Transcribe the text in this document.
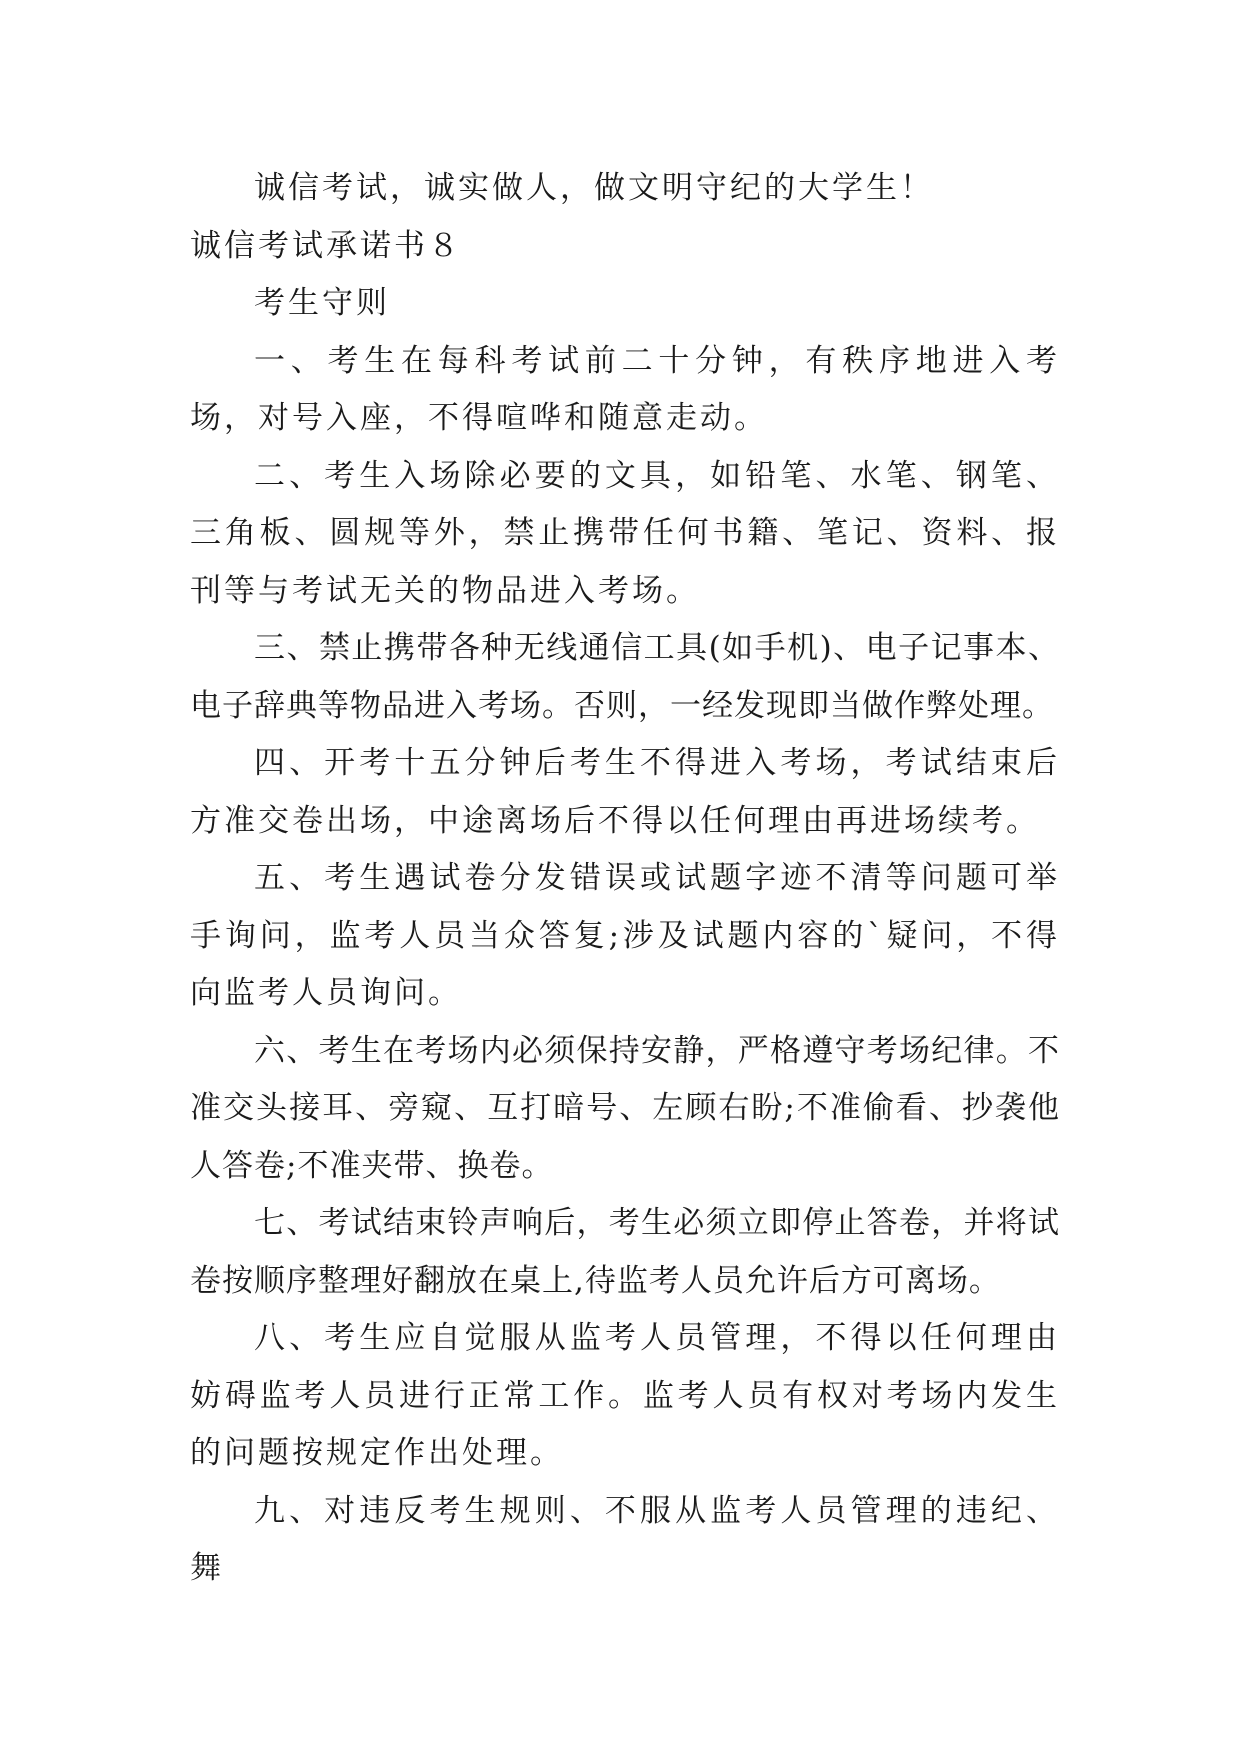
诚信考试，诚实做人，做文明守纪的大学生！

诚信考试承诺书８

考生守则

一、考生在每科考试前二十分钟，有秩序地进入考场，对号入座，不得喧哗和随意走动。

二、考生入场除必要的文具，如铅笔、水笔、钢笔、三角板、圆规等外，禁止携带任何书籍、笔记、资料、报刊等与考试无关的物品进入考场。

三、禁止携带各种无线通信工具(如手机)、电子记事本、电子辞典等物品进入考场。否则，一经发现即当做作弊处理。

四、开考十五分钟后考生不得进入考场，考试结束后方准交卷出场，中途离场后不得以任何理由再进场续考。

五、考生遇试卷分发错误或试题字迹不清等问题可举手询问，监考人员当众答复;涉及试题内容的`疑问，不得向监考人员询问。

六、考生在考场内必须保持安静，严格遵守考场纪律。不准交头接耳、旁窥、互打暗号、左顾右盼;不准偷看、抄袭他人答卷;不准夹带、换卷。

七、考试结束铃声响后，考生必须立即停止答卷，并将试卷按顺序整理好翻放在桌上,待监考人员允许后方可离场。

八、考生应自觉服从监考人员管理，不得以任何理由妨碍监考人员进行正常工作。监考人员有权对考场内发生的问题按规定作出处理。

九、对违反考生规则、不服从监考人员管理的违纪、舞
